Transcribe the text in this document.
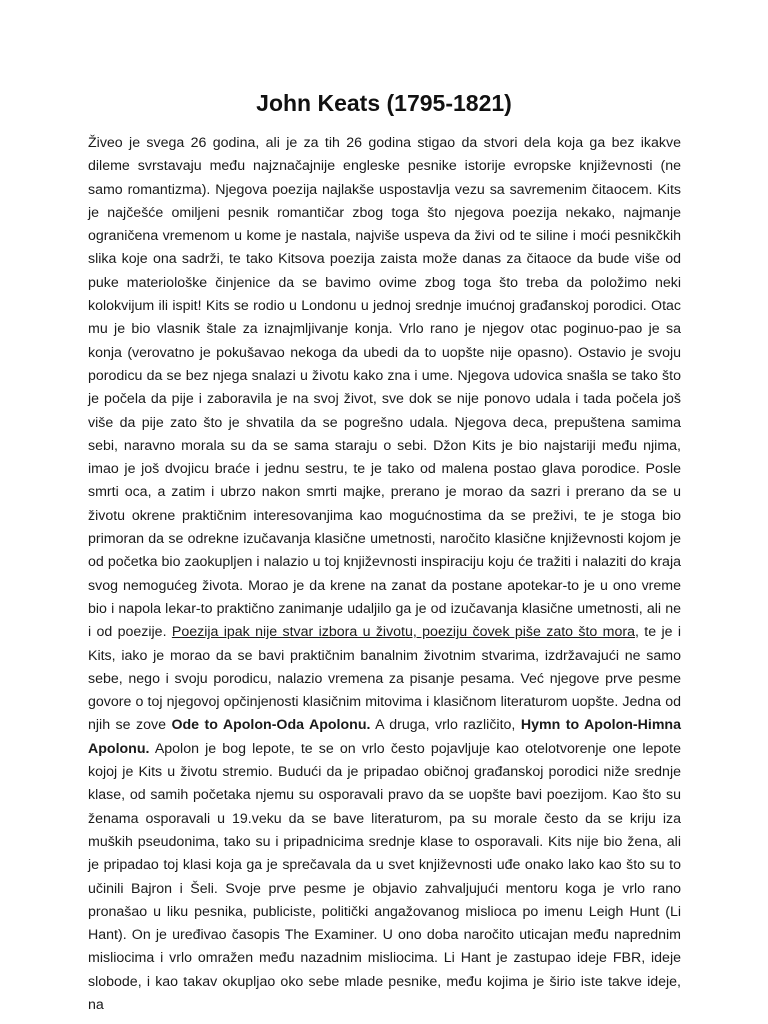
John Keats (1795-1821)

Živeo je svega 26 godina, ali je za tih 26 godina stigao da stvori dela koja ga bez ikakve dileme svrstavaju među najznačajnije engleske pesnike istorije evropske književnosti (ne samo romantizma). Njegova poezija najlakše uspostavlja vezu sa savremenim čitaocem. Kits je najčešće omiljeni pesnik romantičar zbog toga što njegova poezija nekako, najmanje ograničena vremenom u kome je nastala, najviše uspeva da živi od te siline i moći pesnikčkih slika koje ona sadrži, te tako Kitsova poezija zaista može danas za čitaoce da bude više od puke materiološke činjenice da se bavimo ovime zbog toga što treba da položimo neki kolokvijum ili ispit! Kits se rodio u Londonu u jednoj srednje imućnoj građanskoj porodici. Otac mu je bio vlasnik štale za iznajmljivanje konja. Vrlo rano je njegov otac poginuo-pao je sa konja (verovatno je pokušavao nekoga da ubedi da to uopšte nije opasno). Ostavio je svoju porodicu da se bez njega snalazi u životu kako zna i ume. Njegova udovica snašla se tako što je počela da pije i zaboravila je na svoj život, sve dok se nije ponovo udala i tada počela još više da pije zato što je shvatila da se pogrešno udala. Njegova deca, prepuštena samima sebi, naravno morala su da se sama staraju o sebi. Džon Kits je bio najstariji među njima, imao je još dvojicu braće i jednu sestru, te je tako od malena postao glava porodice. Posle smrti oca, a zatim i ubrzo nakon smrti majke, prerano je morao da sazri i prerano da se u životu okrene praktičnim interesovanjima kao mogućnostima da se preživi, te je stoga bio primoran da se odrekne izučavanja klasične umetnosti, naročito klasične književnosti kojom je od početka bio zaokupljen i nalazio u toj književnosti inspiraciju koju će tražiti i nalaziti do kraja svog nemogućeg života. Morao je da krene na zanat da postane apotekar-to je u ono vreme bio i napola lekar-to praktično zanimanje udaljilo ga je od izučavanja klasične umetnosti, ali ne i od poezije. Poezija ipak nije stvar izbora u životu, poeziju čovek piše zato što mora, te je i Kits, iako je morao da se bavi praktičnim banalnim životnim stvarima, izdržavajući ne samo sebe, nego i svoju porodicu, nalazio vremena za pisanje pesama. Već njegove prve pesme govore o toj njegovoj opčinjenosti klasičnim mitovima i klasičnom literaturom uopšte. Jedna od njih se zove Ode to Apolon-Oda Apolonu. A druga, vrlo različito, Hymn to Apolon-Himna Apolonu. Apolon je bog lepote, te se on vrlo često pojavljuje kao otelotvorenje one lepote kojoj je Kits u životu stremio. Budući da je pripadao običnoj građanskoj porodici niže srednje klase, od samih početaka njemu su osporavali pravo da se uopšte bavi poezijom. Kao što su ženama osporavali u 19.veku da se bave literaturom, pa su morale često da se kriju iza muških pseudonima, tako su i pripadnicima srednje klase to osporavali. Kits nije bio žena, ali je pripadao toj klasi koja ga je sprečavala da u svet književnosti uđe onako lako kao što su to učinili Bajron i Šeli. Svoje prve pesme je objavio zahvaljujući mentoru koga je vrlo rano pronašao u liku pesnika, publiciste, politički angažovanog mislioca po imenu Leigh Hunt (Li Hant). On je uređivao časopis The Examiner. U ono doba naročito uticajan među naprednim misliocima i vrlo omražen među nazadnim misliocima. Li Hant je zastupao ideje FBR, ideje slobode, i kao takav okupljao oko sebe mlade pesnike, među kojima je širio iste takve ideje, na
